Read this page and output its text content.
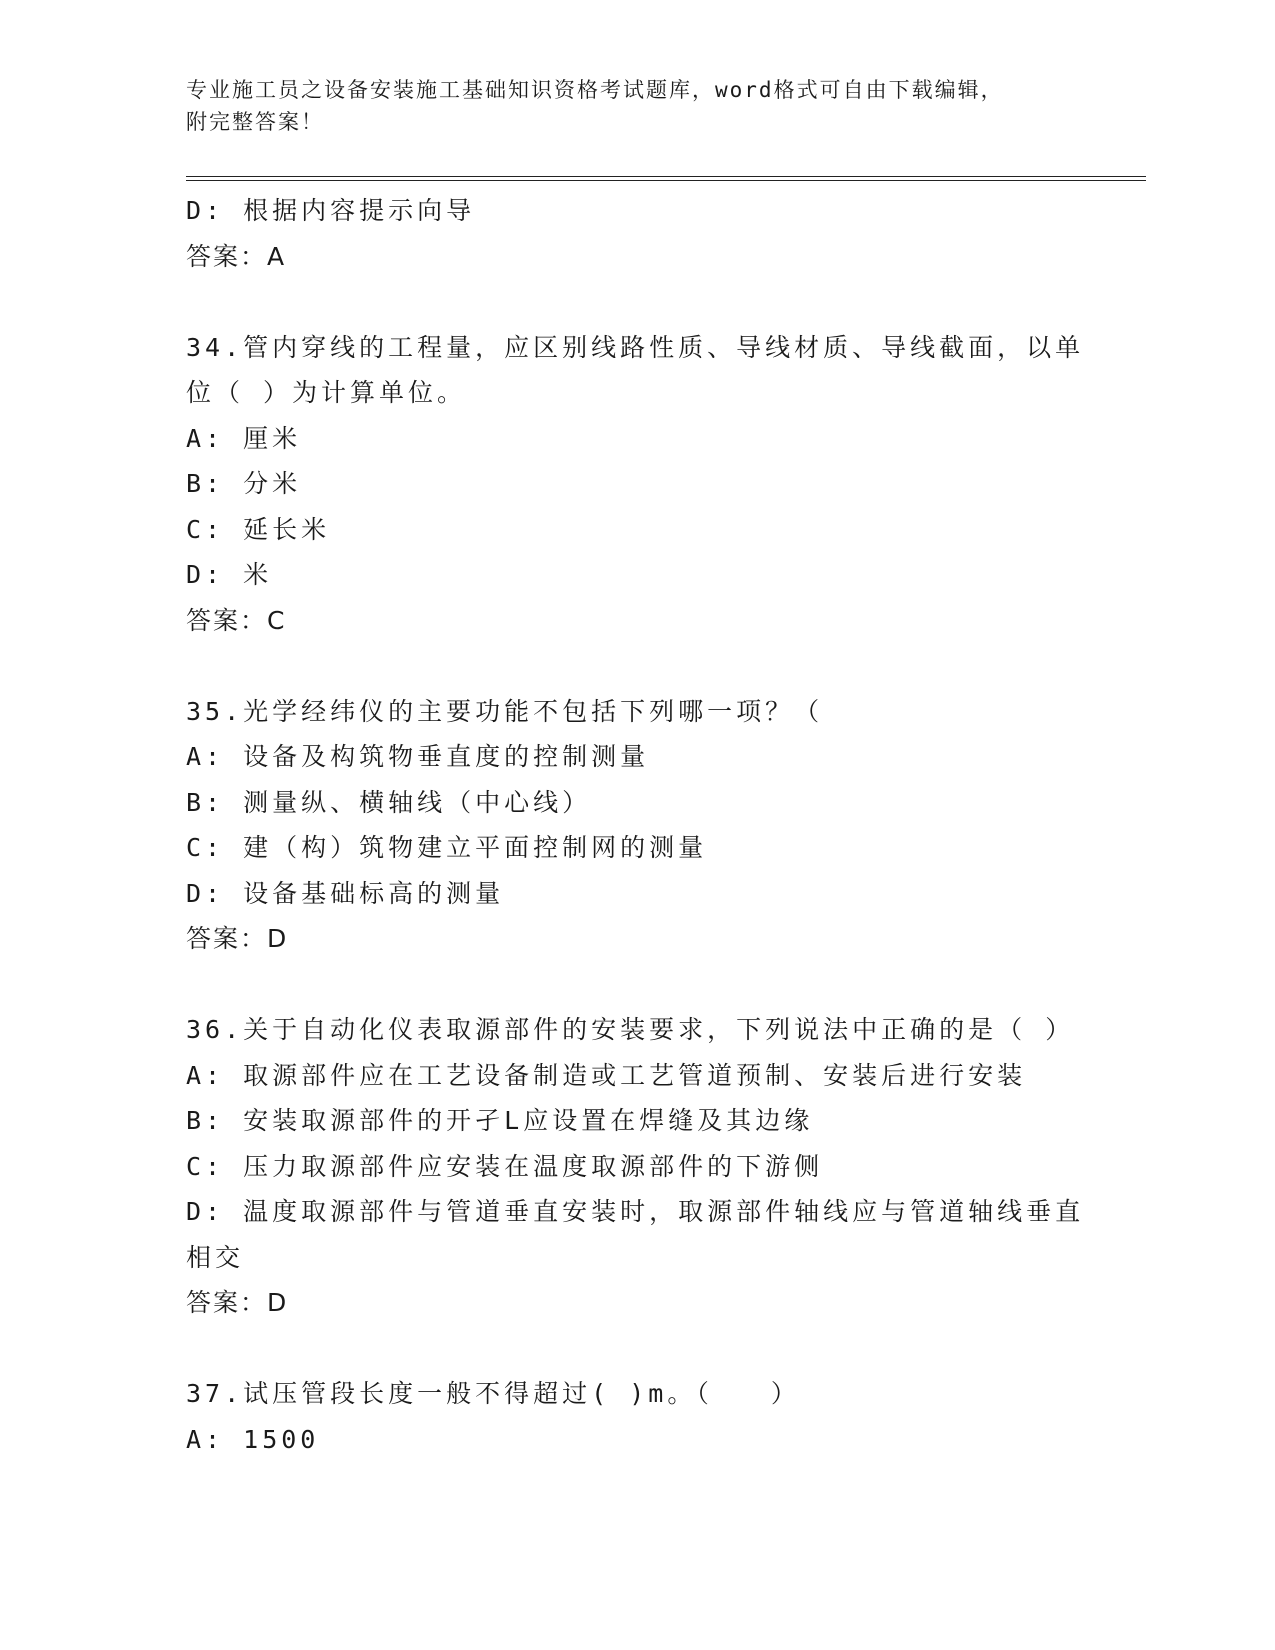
专业施工员之设备安装施工基础知识资格考试题库，word格式可自由下载编辑，
附完整答案！
D: 根据内容提示向导
答案：A
34.管内穿线的工程量，应区别线路性质、导线材质、导线截面，以单
位（ ）为计算单位。
A: 厘米
B: 分米
C: 延长米
D: 米
答案：C
35.光学经纬仪的主要功能不包括下列哪一项？（
A: 设备及构筑物垂直度的控制测量
B: 测量纵、横轴线（中心线）
C: 建（构）筑物建立平面控制网的测量
D: 设备基础标高的测量
答案：D
36.关于自动化仪表取源部件的安装要求，下列说法中正确的是（ ）
A: 取源部件应在工艺设备制造或工艺管道预制、安装后进行安装
B: 安装取源部件的开孑L应设置在焊缝及其边缘
C: 压力取源部件应安装在温度取源部件的下游侧
D: 温度取源部件与管道垂直安装时，取源部件轴线应与管道轴线垂直
相交
答案：D
37.试压管段长度一般不得超过( )m。（　　）
A: 1500
